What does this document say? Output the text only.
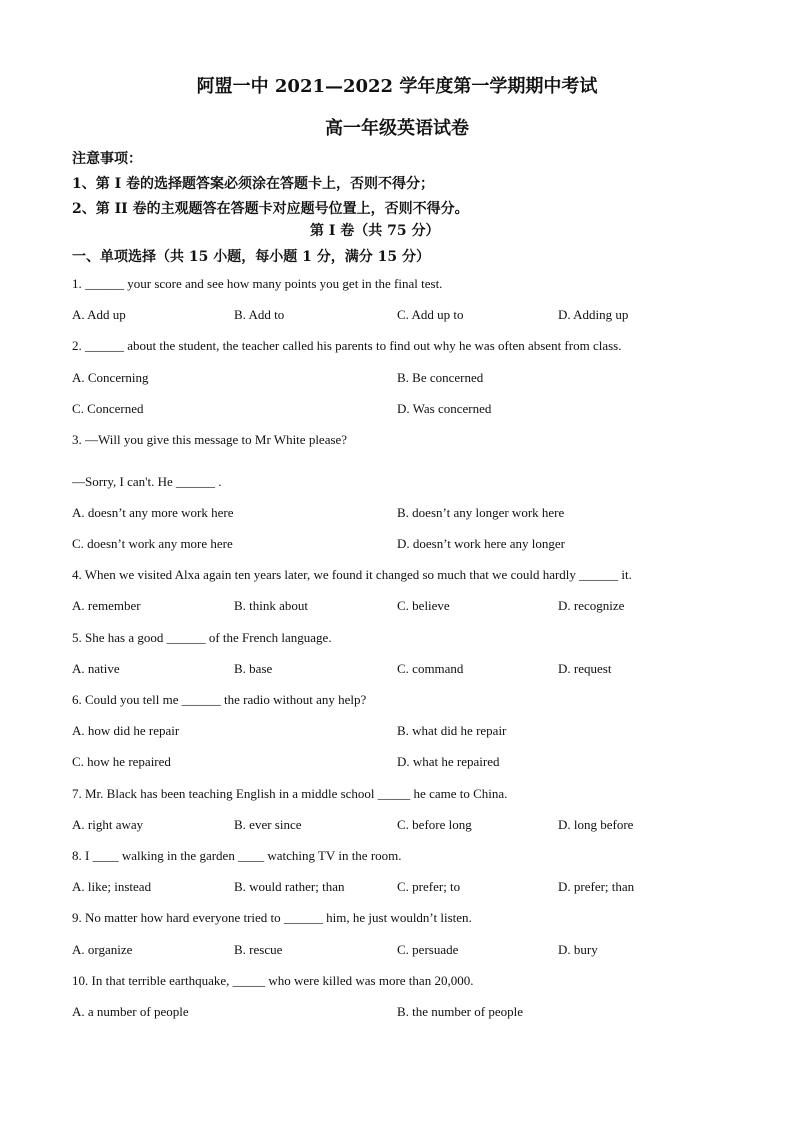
阿盟一中 2021—2022 学年度第一学期期中考试
高一年级英语试卷
注意事项：
1、第 I 卷的选择题答案必须涂在答题卡上，否则不得分；
2、第 II 卷的主观题答在答题卡对应题号位置上，否则不得分。
第 I 卷（共 75 分）
一、单项选择（共 15 小题，每小题 1 分，满分 15 分）
1. ______ your score and see how many points you get in the final test.
A. Add up	B. Add to	C. Add up to	D. Adding up
2. ______ about the student, the teacher called his parents to find out why he was often absent from class.
A. Concerning	B. Be concerned
C. Concerned	D. Was concerned
3. —Will you give this message to Mr White please?
—Sorry, I can't. He ______ .
A. doesn’t any more work here	B. doesn’t any longer work here
C. doesn’t work any more here	D. doesn’t work here any longer
4. When we visited Alxa again ten years later, we found it changed so much that we could hardly ______ it.
A. remember	B. think about	C. believe	D. recognize
5. She has a good ______ of the French language.
A. native	B. base	C. command	D. request
6. Could you tell me ______ the radio without any help?
A. how did he repair	B. what did he repair
C. how he repaired	D. what he repaired
7. Mr. Black has been teaching English in a middle school _____ he came to China.
A. right away	B. ever since	C. before long	D. long before
8. I ____ walking in the garden ____ watching TV in the room.
A. like; instead	B. would rather; than	C. prefer; to	D. prefer; than
9. No matter how hard everyone tried to ______ him, he just wouldn’t listen.
A. organize	B. rescue	C. persuade	D. bury
10. In that terrible earthquake, _____ who were killed was more than 20,000.
A. a number of people	B. the number of people
